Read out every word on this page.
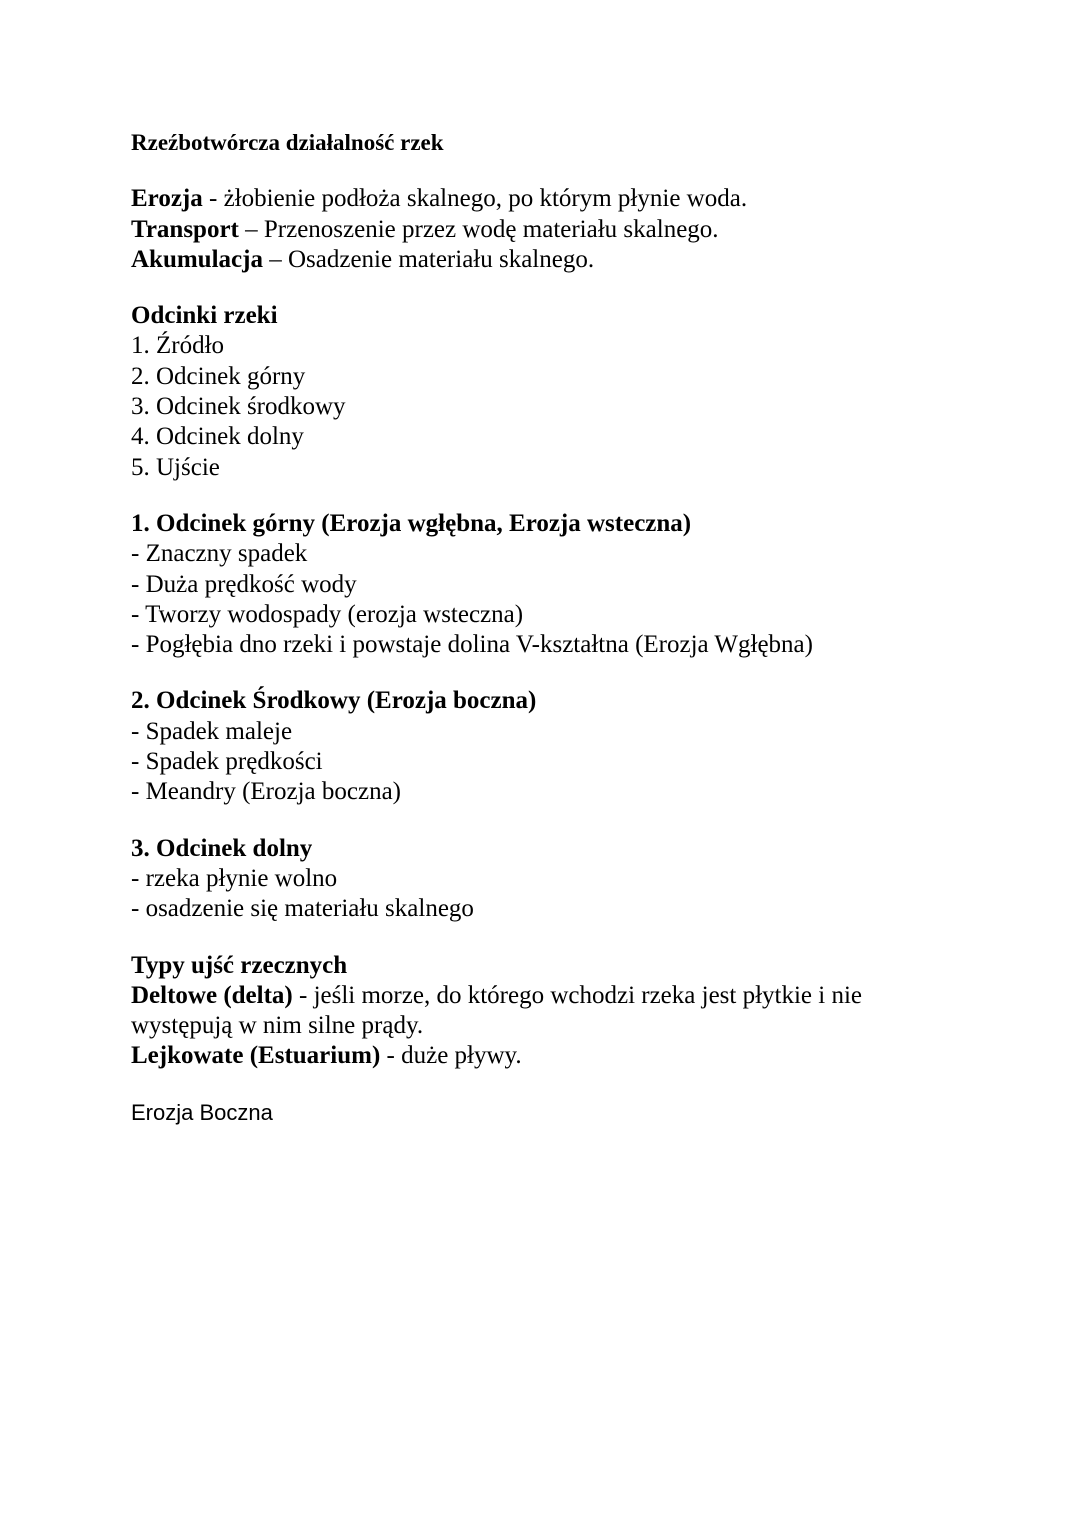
Rzeźbotwórcza działalność rzek
Erozja - żłobienie podłoża skalnego, po którym płynie woda.
Transport – Przenoszenie przez wodę materiału skalnego.
Akumulacja – Osadzenie materiału skalnego.
Odcinki rzeki
1. Źródło
2. Odcinek górny
3. Odcinek środkowy
4. Odcinek dolny
5. Ujście
1. Odcinek górny (Erozja wgłębna, Erozja wsteczna)
- Znaczny spadek
- Duża prędkość wody
- Tworzy wodospady (erozja wsteczna)
- Pogłębia dno rzeki i powstaje dolina V-kształtna (Erozja Wgłębna)
2. Odcinek Środkowy (Erozja boczna)
- Spadek maleje
- Spadek prędkości
- Meandry (Erozja boczna)
3. Odcinek dolny
- rzeka płynie wolno
- osadzenie się materiału skalnego
Typy ujść rzecznych
Deltowe (delta) - jeśli morze, do którego wchodzi rzeka jest płytkie i nie
występują w nim silne prądy.
Lejkowate (Estuarium) - duże pływy.
Erozja Boczna
